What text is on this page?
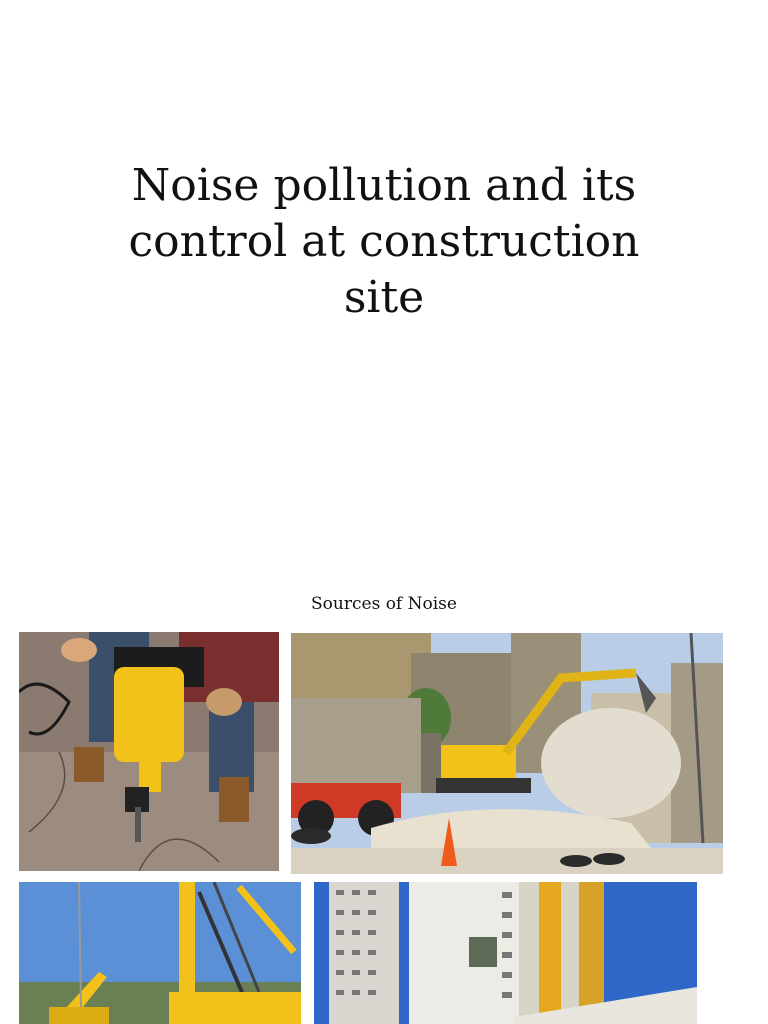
Noise pollution and its control at construction site
Sources of Noise
